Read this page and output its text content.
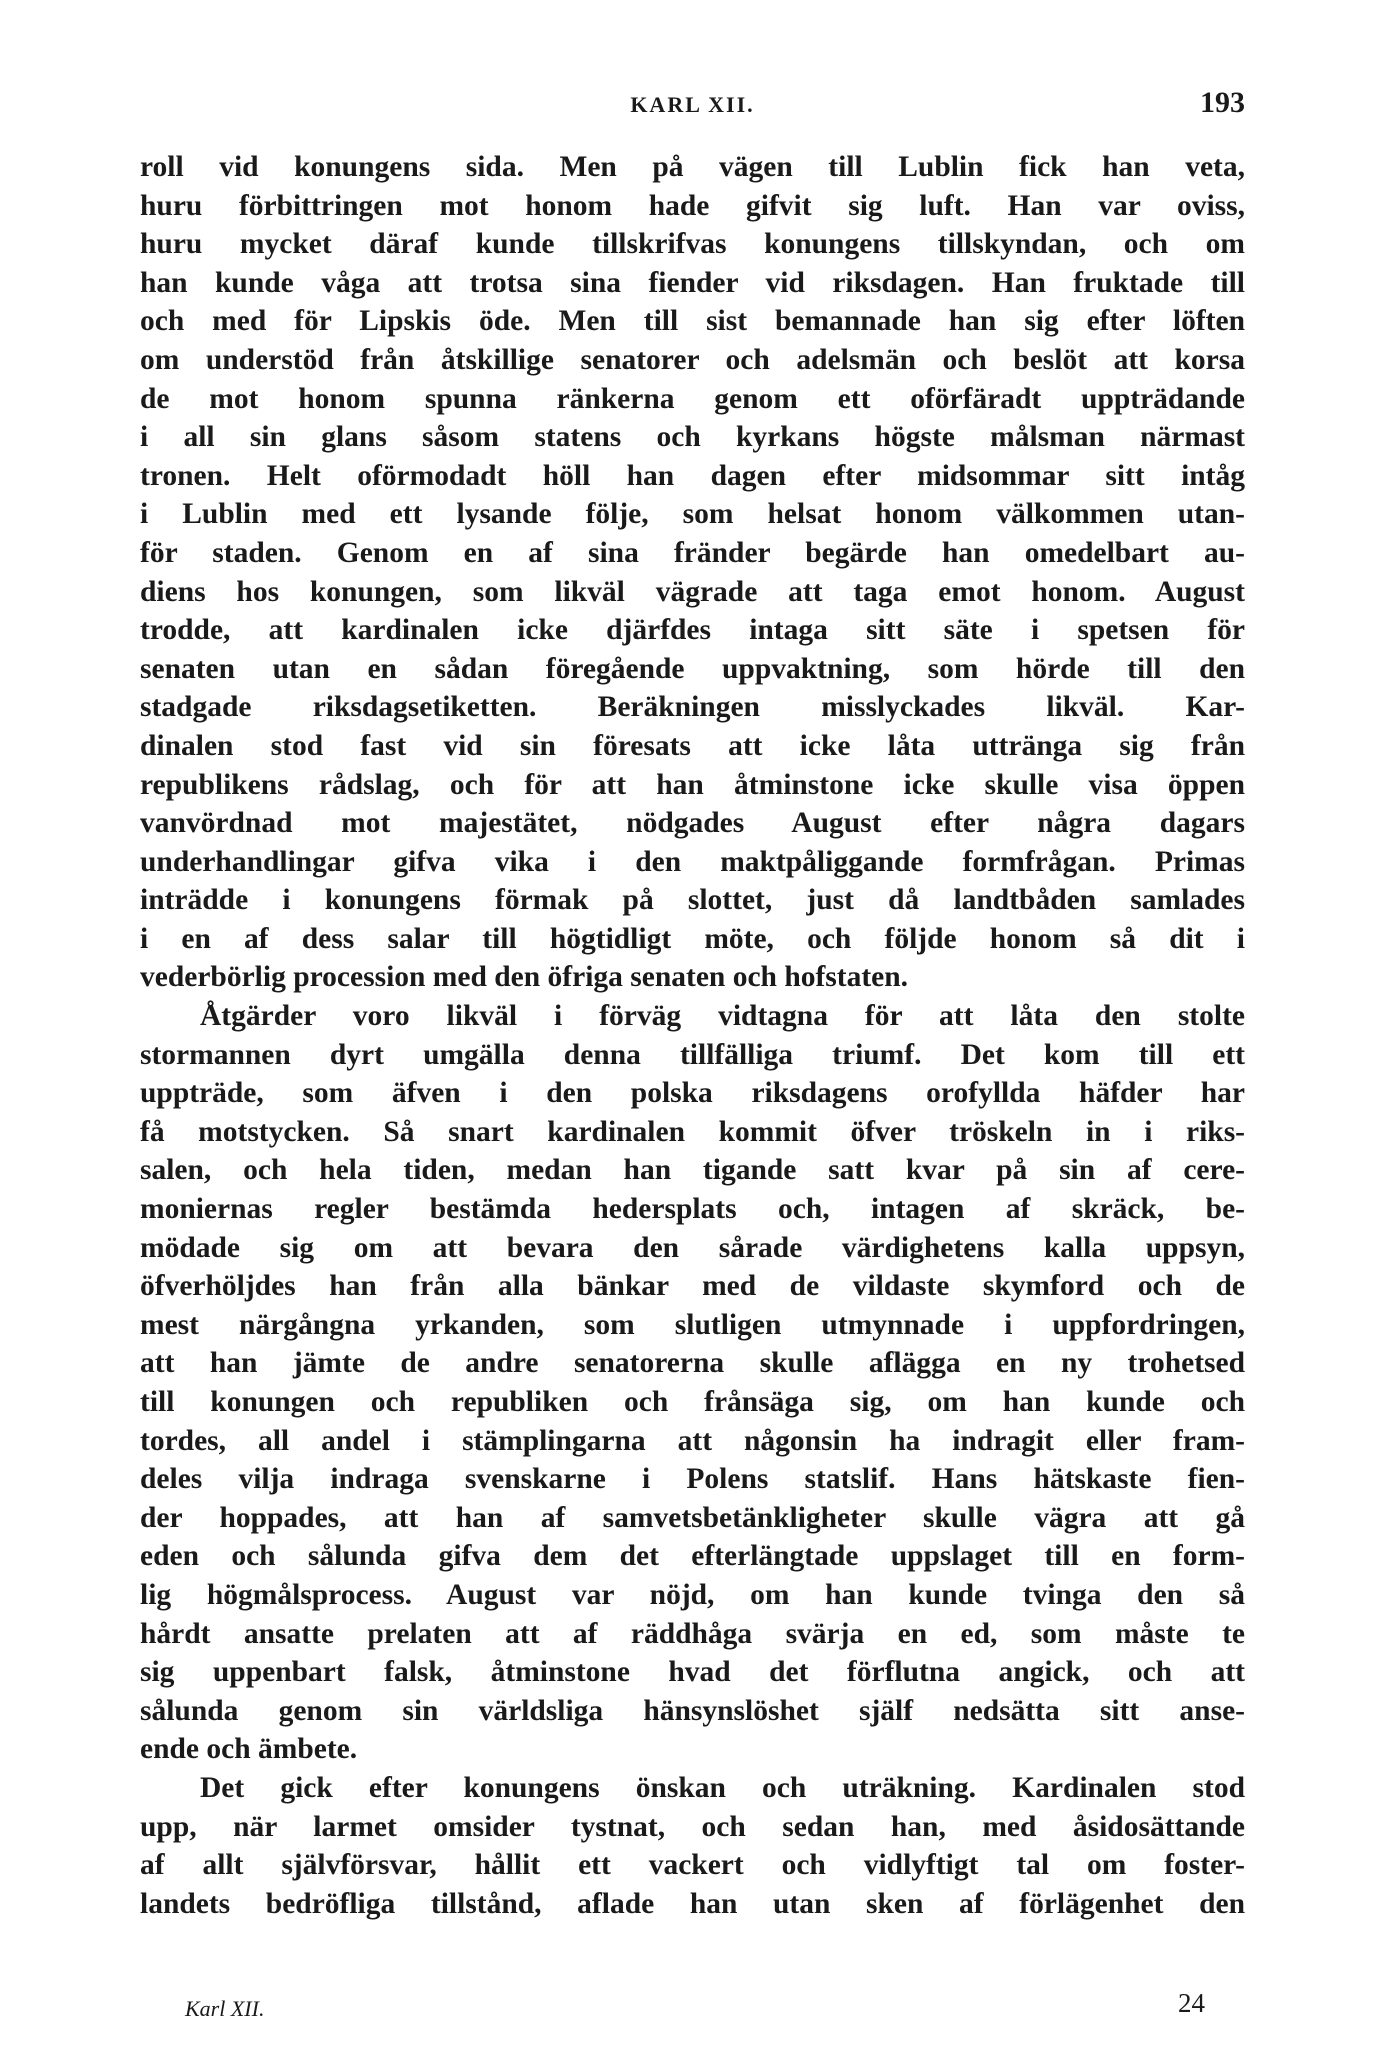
KARL XII.	193
roll vid konungens sida. Men på vägen till Lublin fick han veta,
huru förbittringen mot honom hade gifvit sig luft. Han var oviss,
huru mycket däraf kunde tillskrifvas konungens tillskyndan, och om
han kunde våga att trotsa sina fiender vid riksdagen. Han fruktade till
och med för Lipskis öde. Men till sist bemannade han sig efter löften
om understöd från åtskillige senatorer och adelsmän och beslöt att korsa
de mot honom spunna ränkerna genom ett oförfäradt uppträdande
i all sin glans såsom statens och kyrkans högste målsman närmast
tronen. Helt oförmodadt höll han dagen efter midsommar sitt intåg
i Lublin med ett lysande följe, som helsat honom välkommen utan-
för staden. Genom en af sina fränder begärde han omedelbart au-
diens hos konungen, som likväl vägrade att taga emot honom. August
trodde, att kardinalen icke djärfdes intaga sitt säte i spetsen för
senaten utan en sådan föregående uppvaktning, som hörde till den
stadgade riksdagsetiketten. Beräkningen misslyckades likväl. Kar-
dinalen stod fast vid sin föresats att icke låta uttränga sig från
republikens rådslag, och för att han åtminstone icke skulle visa öppen
vanvördnad mot majestätet, nödgades August efter några dagars
underhandlingar gifva vika i den maktpåliggande formfrågan. Primas
inträdde i konungens förmak på slottet, just då landtbåden samlades
i en af dess salar till högtidligt möte, och följde honom så dit i
vederbörlig procession med den öfriga senaten och hofstaten.
Åtgärder voro likväl i förväg vidtagna för att låta den stolte
stormannen dyrt umgälla denna tillfälliga triumf. Det kom till ett
uppträde, som äfven i den polska riksdagens orofyllda häfder har
få motstycken. Så snart kardinalen kommit öfver tröskeln in i riks-
salen, och hela tiden, medan han tigande satt kvar på sin af cere-
moniernas regler bestämda hedersplats och, intagen af skräck, be-
mödade sig om att bevara den sårade värdighetens kalla uppsyn,
öfverhöljdes han från alla bänkar med de vildaste skymford och de
mest närgångna yrkanden, som slutligen utmynnade i uppfordringen,
att han jämte de andre senatorerna skulle aflägga en ny trohetsed
till konungen och republiken och frånsäga sig, om han kunde och
tordes, all andel i stämplingarna att någonsin ha indragit eller fram-
deles vilja indraga svenskarne i Polens statslif. Hans hätskaste fien-
der hoppades, att han af samvetsbetänkligheter skulle vägra att gå
eden och sålunda gifva dem det efterlängtade uppslaget till en form-
lig högmålsprocess. August var nöjd, om han kunde tvinga den så
hårdt ansatte prelaten att af räddhåga svärja en ed, som måste te
sig uppenbart falsk, åtminstone hvad det förflutna angick, och att
sålunda genom sin världsliga hänsynslöshet själf nedsätta sitt anse-
ende och ämbete.
Det gick efter konungens önskan och uträkning. Kardinalen stod
upp, när larmet omsider tystnat, och sedan han, med åsidosättande
af allt självförsvar, hållit ett vackert och vidlyftigt tal om foster-
landets bedröfliga tillstånd, aflade han utan sken af förlägenhet den
Karl XII.	24
